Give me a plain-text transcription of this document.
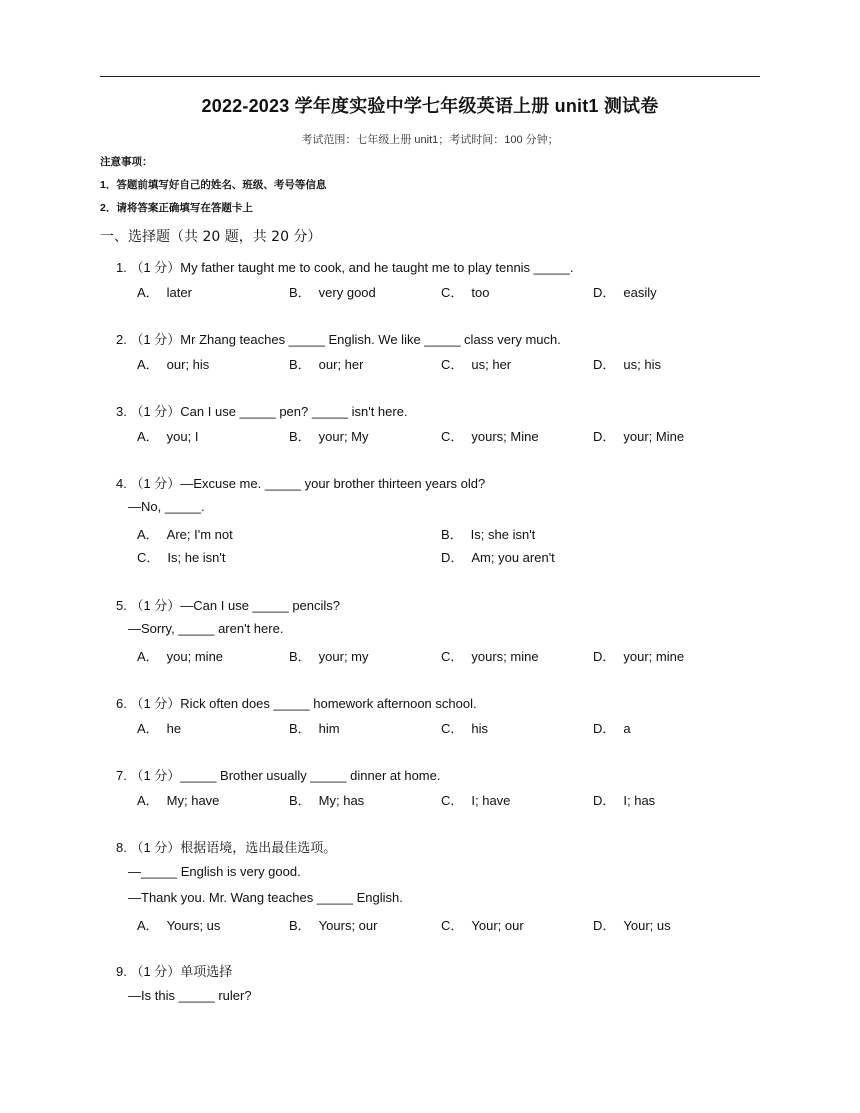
2022-2023 学年度实验中学七年级英语上册 unit1 测试卷
考试范围：七年级上册 unit1；考试时间：100 分钟；
注意事项：
1．答题前填写好自己的姓名、班级、考号等信息
2．请将答案正确填写在答题卡上
一、选择题（共 20 题，共 20 分）
1. （1 分）My father taught me to cook, and he taught me to play tennis _____.
A． later	B． very good	C． too	D． easily
2. （1 分）Mr Zhang teaches _____ English. We like _____ class very much.
A． our; his	B． our; her	C． us; her	D． us; his
3. （1 分）Can I use _____ pen? _____ isn't here.
A． you; I	B． your; My	C． yours; Mine	D． your; Mine
4. （1 分）—Excuse me. _____ your brother thirteen years old?
—No, _____.
A． Are; I'm not	B． Is; she isn't
C． Is; he isn't	D． Am; you aren't
5. （1 分）—Can I use _____ pencils?
—Sorry, _____ aren't here.
A． you; mine	B． your; my	C． yours; mine	D． your; mine
6. （1 分）Rick often does _____ homework afternoon school.
A． he	B． him	C． his	D． a
7. （1 分）_____ Brother usually _____ dinner at home.
A． My; have	B． My; has	C． I; have	D． I; has
8. （1 分）根据语境，选出最佳选项。
—_____ English is very good.
—Thank you. Mr. Wang teaches _____ English.
A． Yours; us	B． Yours; our	C． Your; our	D． Your; us
9. （1 分）单项选择
—Is this _____ ruler?
